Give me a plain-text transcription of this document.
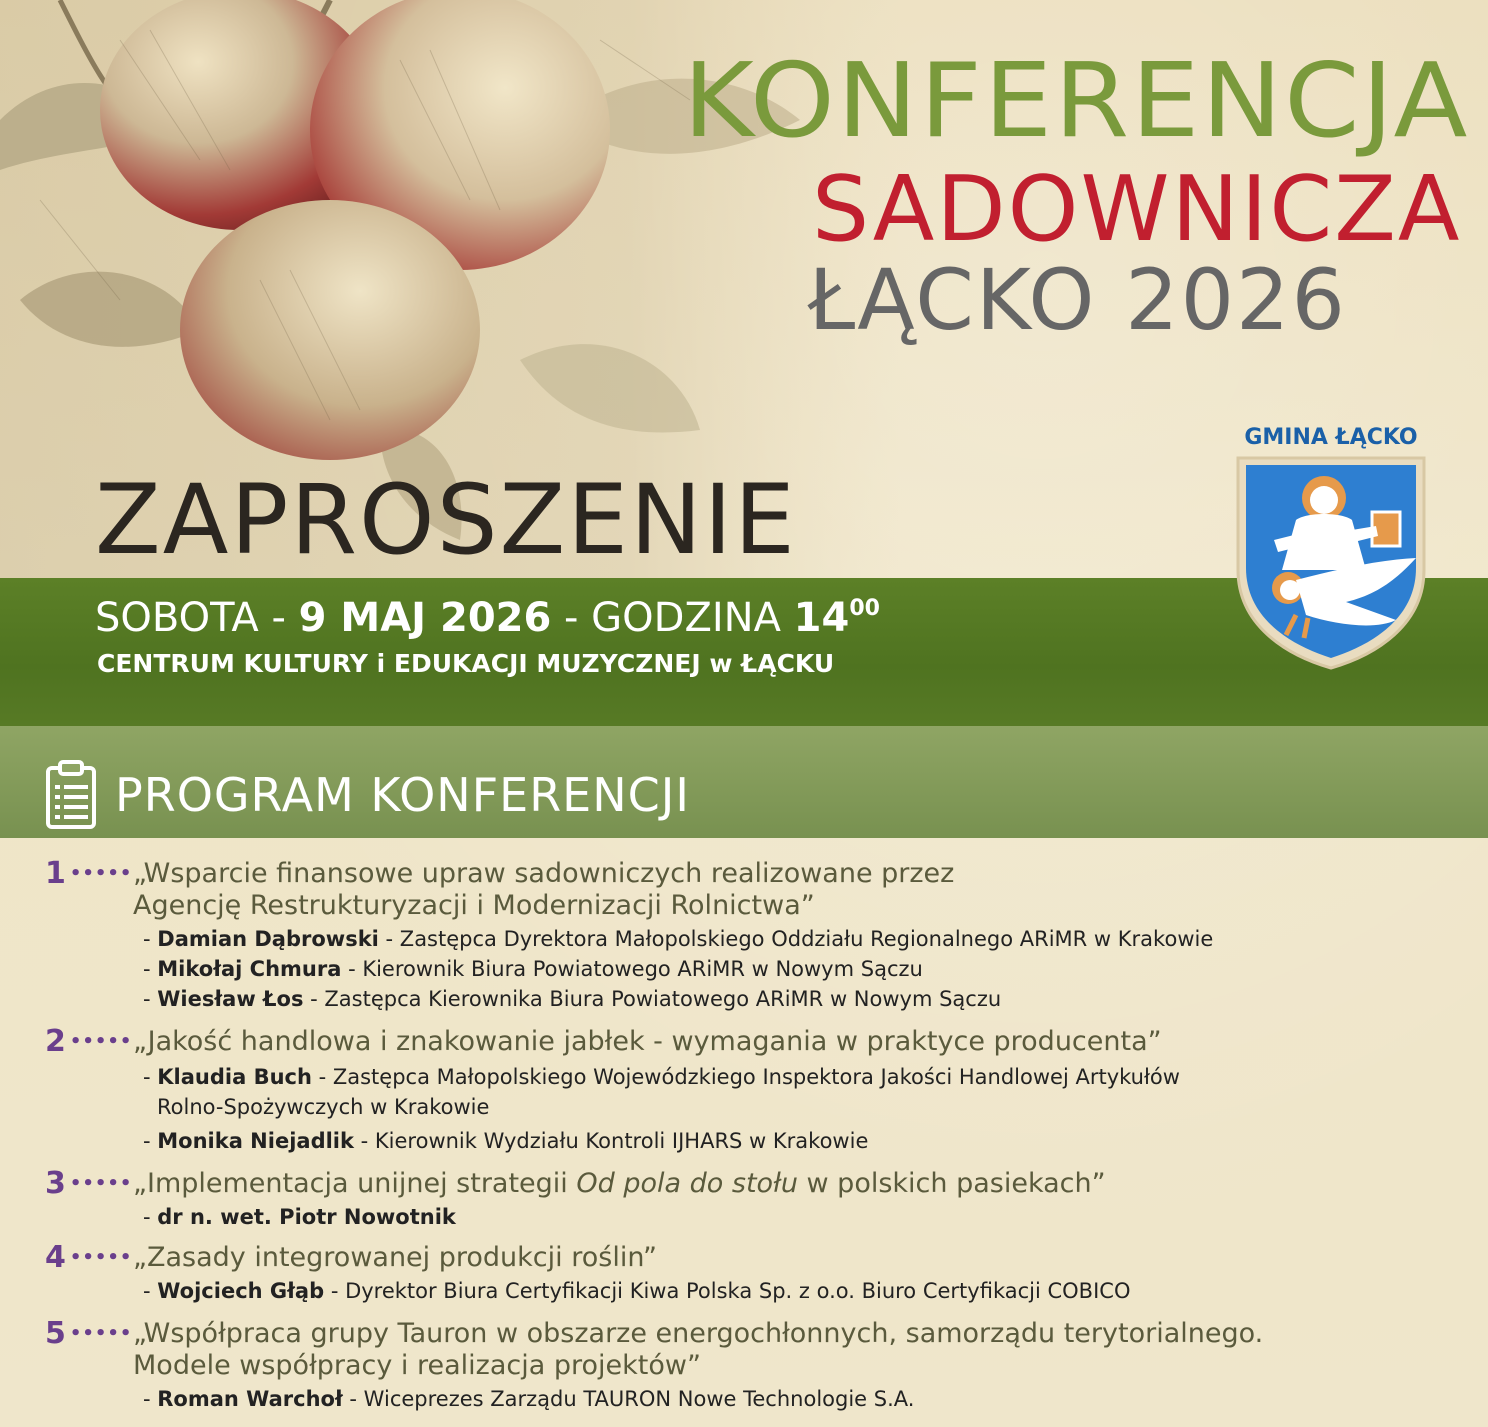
KONFERENCJA
SADOWNICZA
ŁĄCKO 2026
ZAPROSZENIE
SOBOTA - 9 MAJ 2026 - GODZINA $14^{00}$
CENTRUM KULTURY i EDUKACJI MUZYCZNEJ w ŁĄCKU
GMINA ŁĄCKO
PROGRAM KONFERENCJI
1 ••••• „Wsparcie finansowe upraw sadowniczych realizowane przez
Agencję Restrukturyzacji i Modernizacji Rolnictwa”
- Damian Dąbrowski - Zastępca Dyrektora Małopolskiego Oddziału Regionalnego ARiMR w Krakowie
- Mikołaj Chmura - Kierownik Biura Powiatowego ARiMR w Nowym Sączu
- Wiesław Łos - Zastępca Kierownika Biura Powiatowego ARiMR w Nowym Sączu
2 ••••• „Jakość handlowa i znakowanie jabłek - wymagania w praktyce producenta”
- Klaudia Buch - Zastępca Małopolskiego Wojewódzkiego Inspektora Jakości Handlowej Artykułów
Rolno-Spożywczych w Krakowie
- Monika Niejadlik - Kierownik Wydziału Kontroli IJHARS w Krakowie
3 ••••• „Implementacja unijnej strategii Od pola do stołu w polskich pasiekach”
- dr n. wet. Piotr Nowotnik
4 ••••• „Zasady integrowanej produkcji roślin”
- Wojciech Głąb - Dyrektor Biura Certyfikacji Kiwa Polska Sp. z o.o. Biuro Certyfikacji COBICO
5 ••••• „Współpraca grupy Tauron w obszarze energochłonnych, samorządu terytorialnego.
Modele współpracy i realizacja projektów”
- Roman Warchoł - Wiceprezes Zarządu TAURON Nowe Technologie S.A.
